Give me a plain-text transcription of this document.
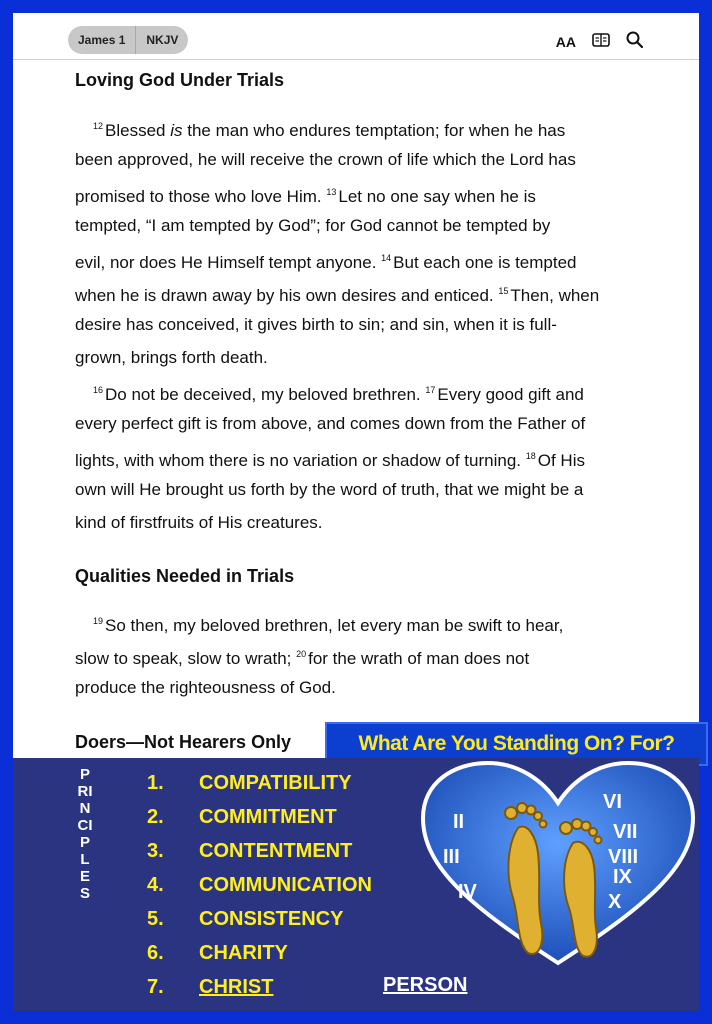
James 1	NKJV	AA
Loving God Under Trials
$^{12}$ Blessed is the man who endures temptation; for when he has
been approved, he will receive the crown of life which the Lord has
promised to those who love Him. $^{13}$ Let no one say when he is
tempted, “I am tempted by God”; for God cannot be tempted by
evil, nor does He Himself tempt anyone. $^{14}$ But each one is tempted
when he is drawn away by his own desires and enticed. $^{15}$ Then, when
desire has conceived, it gives birth to sin; and sin, when it is full-
grown, brings forth death.
$^{16}$ Do not be deceived, my beloved brethren. $^{17}$ Every good gift and
every perfect gift is from above, and comes down from the Father of
lights, with whom there is no variation or shadow of turning. $^{18}$ Of His
own will He brought us forth by the word of truth, that we might be a
kind of firstfruits of His creatures.
Qualities Needed in Trials
$^{19}$ So then, my beloved brethren, let every man be swift to hear,
slow to speak, slow to wrath; $^{20}$ for the wrath of man does not
produce the righteousness of God.
Doers—Not Hearers Only	What Are You Standing On? For?
PRINCIPLES
1. COMPATIBILITY
2. COMMITMENT
3. CONTENTMENT
4. COMMUNICATION
5. CONSISTENCY
6. CHARITY
7. CHRIST	PERSON
II
III
IV
VI
VII
VIII
IX
X
